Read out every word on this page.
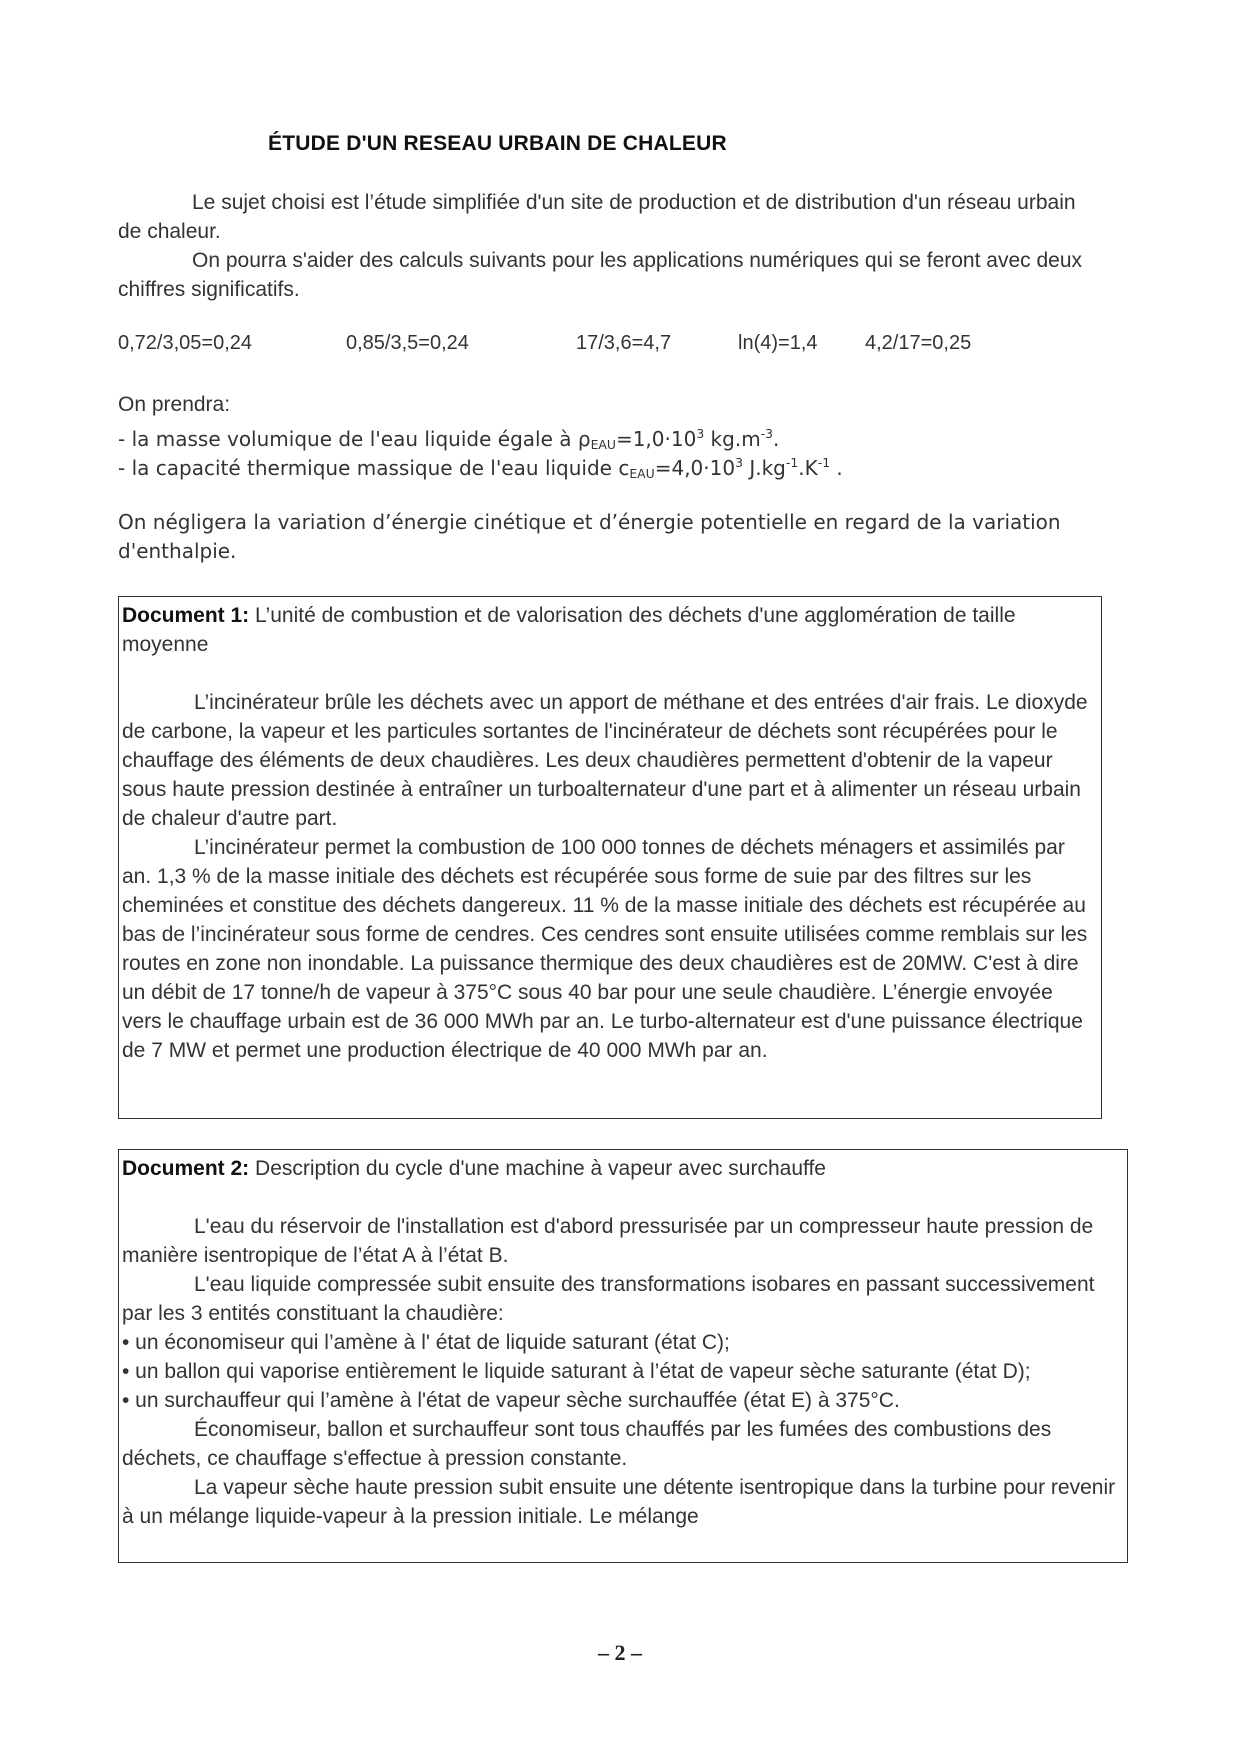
ÉTUDE D'UN RESEAU URBAIN DE CHALEUR
Le sujet choisi est l’étude simplifiée d'un site de production et de distribution d'un réseau urbain de chaleur.
On pourra s'aider des calculs suivants pour les applications numériques qui se feront avec deux chiffres significatifs.
0,72/3,05=0,24	0,85/3,5=0,24	17/3,6=4,7	ln(4)=1,4 4,2/17=0,25
On prendra:
- la masse volumique de l'eau liquide égale à $\rho_{EAU}=1,0\cdot 10^3$ $kg.m^{-3}$.
- la capacité thermique massique de l'eau liquide $c_{EAU}=4,0\cdot 10^3$ $J.kg^{-1}.K^{-1}$ .
On négligera la variation d’énergie cinétique et d’énergie potentielle en regard de la variation d'enthalpie.

Document 1: L’unité de combustion et de valorisation des déchets d'une agglomération de taille moyenne

L’incinérateur brûle les déchets avec un apport de méthane et des entrées d'air frais. Le dioxyde de carbone, la vapeur et les particules sortantes de l'incinérateur de déchets sont récupérées pour le chauffage des éléments de deux chaudières. Les deux chaudières permettent d'obtenir de la vapeur sous haute pression destinée à entraîner un turboalternateur d'une part et à alimenter un réseau urbain de chaleur d'autre part.

L’incinérateur permet la combustion de 100 000 tonnes de déchets ménagers et assimilés par an. 1,3 % de la masse initiale des déchets est récupérée sous forme de suie par des filtres sur les cheminées et constitue des déchets dangereux. 11 % de la masse initiale des déchets est récupérée au bas de l’incinérateur sous forme de cendres. Ces cendres sont ensuite utilisées comme remblais sur les routes en zone non inondable. La puissance thermique des deux chaudières est de 20MW. C'est à dire un débit de 17 tonne/h de vapeur à 375°C sous 40 bar pour une seule chaudière. L’énergie envoyée vers le chauffage urbain est de 36 000 MWh par an. Le turbo-alternateur est d'une puissance électrique de 7 MW et permet une production électrique de 40 000 MWh par an.

Document 2: Description du cycle d'une machine à vapeur avec surchauffe

L'eau du réservoir de l'installation est d'abord pressurisée par un compresseur haute pression de manière isentropique de l’état A à l’état B.

L'eau liquide compressée subit ensuite des transformations isobares en passant successivement par les 3 entités constituant la chaudière:

• un économiseur qui l’amène à l' état de liquide saturant (état C);

• un ballon qui vaporise entièrement le liquide saturant à l’état de vapeur sèche saturante (état D);

• un surchauffeur qui l’amène à l'état de vapeur sèche surchauffée (état E) à 375°C.

Économiseur, ballon et surchauffeur sont tous chauffés par les fumées des combustions des déchets, ce chauffage s'effectue à pression constante.

La vapeur sèche haute pression subit ensuite une détente isentropique dans la turbine pour revenir à un mélange liquide-vapeur à la pression initiale. Le mélange

– 2 –
